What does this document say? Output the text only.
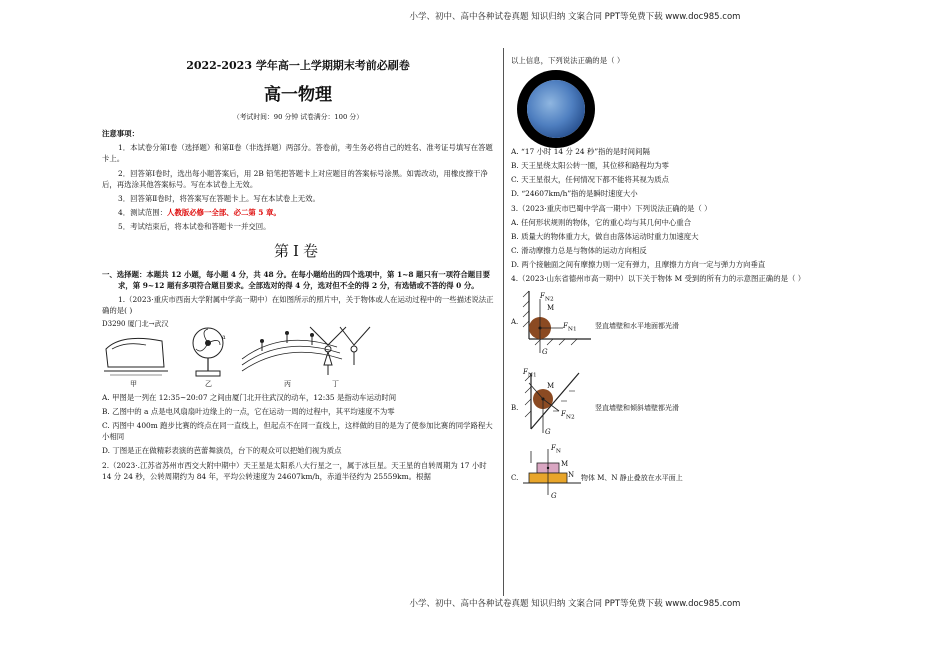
小学、初中、高中各种试卷真题 知识归纳 文案合同 PPT等免费下载 www.doc985.com
2022-2023 学年高一上学期期末考前必刷卷
高一物理
（考试时间：90 分钟 试卷满分：100 分）
注意事项：
1．本试卷分第Ⅰ卷（选择题）和第Ⅱ卷（非选择题）两部分。答卷前，考生务必将自己的姓名、准考证号填写在答题卡上。
2．回答第Ⅰ卷时，选出每小题答案后，用 2B 铅笔把答题卡上对应题目的答案标号涂黑。如需改动，用橡皮擦干净后，再选涂其他答案标号。写在本试卷上无效。
3．回答第Ⅱ卷时，将答案写在答题卡上。写在本试卷上无效。
4．测试范围：人教版必修一全部、必二第 5 章。
5．考试结束后，将本试卷和答题卡一并交回。
第Ⅰ卷
一、选择题：本题共 12 小题，每小题 4 分，共 48 分。在每小题给出的四个选项中，第 1~8 题只有一项符合题目要求，第 9~12 题有多项符合题目要求。全部选对的得 4 分，选对但不全的得 2 分，有选错或不答的得 0 分。
1.（2023·重庆市西南大学附属中学高一期中）在如图所示的照片中，关于物体或人在运动过程中的一些描述说法正确的是( )
D3290 厦门北→武汉
a
甲	乙	丙	丁
A. 甲图是一列在 12:35~20:07 之间由厦门北开往武汉的动车，12:35 是指动车运动时间
B. 乙图中的 a 点是电风扇扇叶边缘上的一点，它在运动一周的过程中，其平均速度不为零
C. 丙图中 400m 跑步比赛的终点在同一直线上，但起点不在同一直线上，这样做的目的是为了使参加比赛的同学路程大小相同
D. 丁图是正在做精彩表演的芭蕾舞演员，台下的观众可以把她们视为质点
2.（2023·.江苏省苏州市西交大附中期中）天王星是太阳系八大行星之一，属于冰巨星。天王星的自转周期为 17 小时 14 分 24 秒，公转周期约为 84 年，平均公转速度为 24607km/h，赤道半径约为 25559km。根据
以上信息，下列说法正确的是（ ）
A. “17 小时 14 分 24 秒”指的是时间间隔
B. 天王星绕太阳公转一圈，其位移和路程均为零
C. 天王星很大，任何情况下都不能将其视为质点
D. “24607km/h”指的是瞬时速度大小
3.（2023·重庆市巴蜀中学高一期中）下列说法正确的是（ ）
A. 任何形状规则的物体，它的重心均与其几何中心重合
B. 质量大的物体重力大，做自由落体运动时重力加速度大
C. 滑动摩擦力总是与物体的运动方向相反
D. 两个接触面之间有摩擦力则一定有弹力，且摩擦力方向一定与弹力方向垂直
4.（2023·山东省德州市高一期中）以下关于物体 M 受到的所有力的示意图正确的是（ ）
A.
$F_{N2}$
M
$F_{N1}$
G
竖直墙壁和水平地面都光滑
B.
$F_{N1}$
M
$F_{N2}$
G
竖直墙壁和倾斜墙壁都光滑
C.
$F_N$
M
N
G
物体 M、N 静止叠放在水平面上
小学、初中、高中各种试卷真题 知识归纳 文案合同 PPT等免费下载 www.doc985.com
